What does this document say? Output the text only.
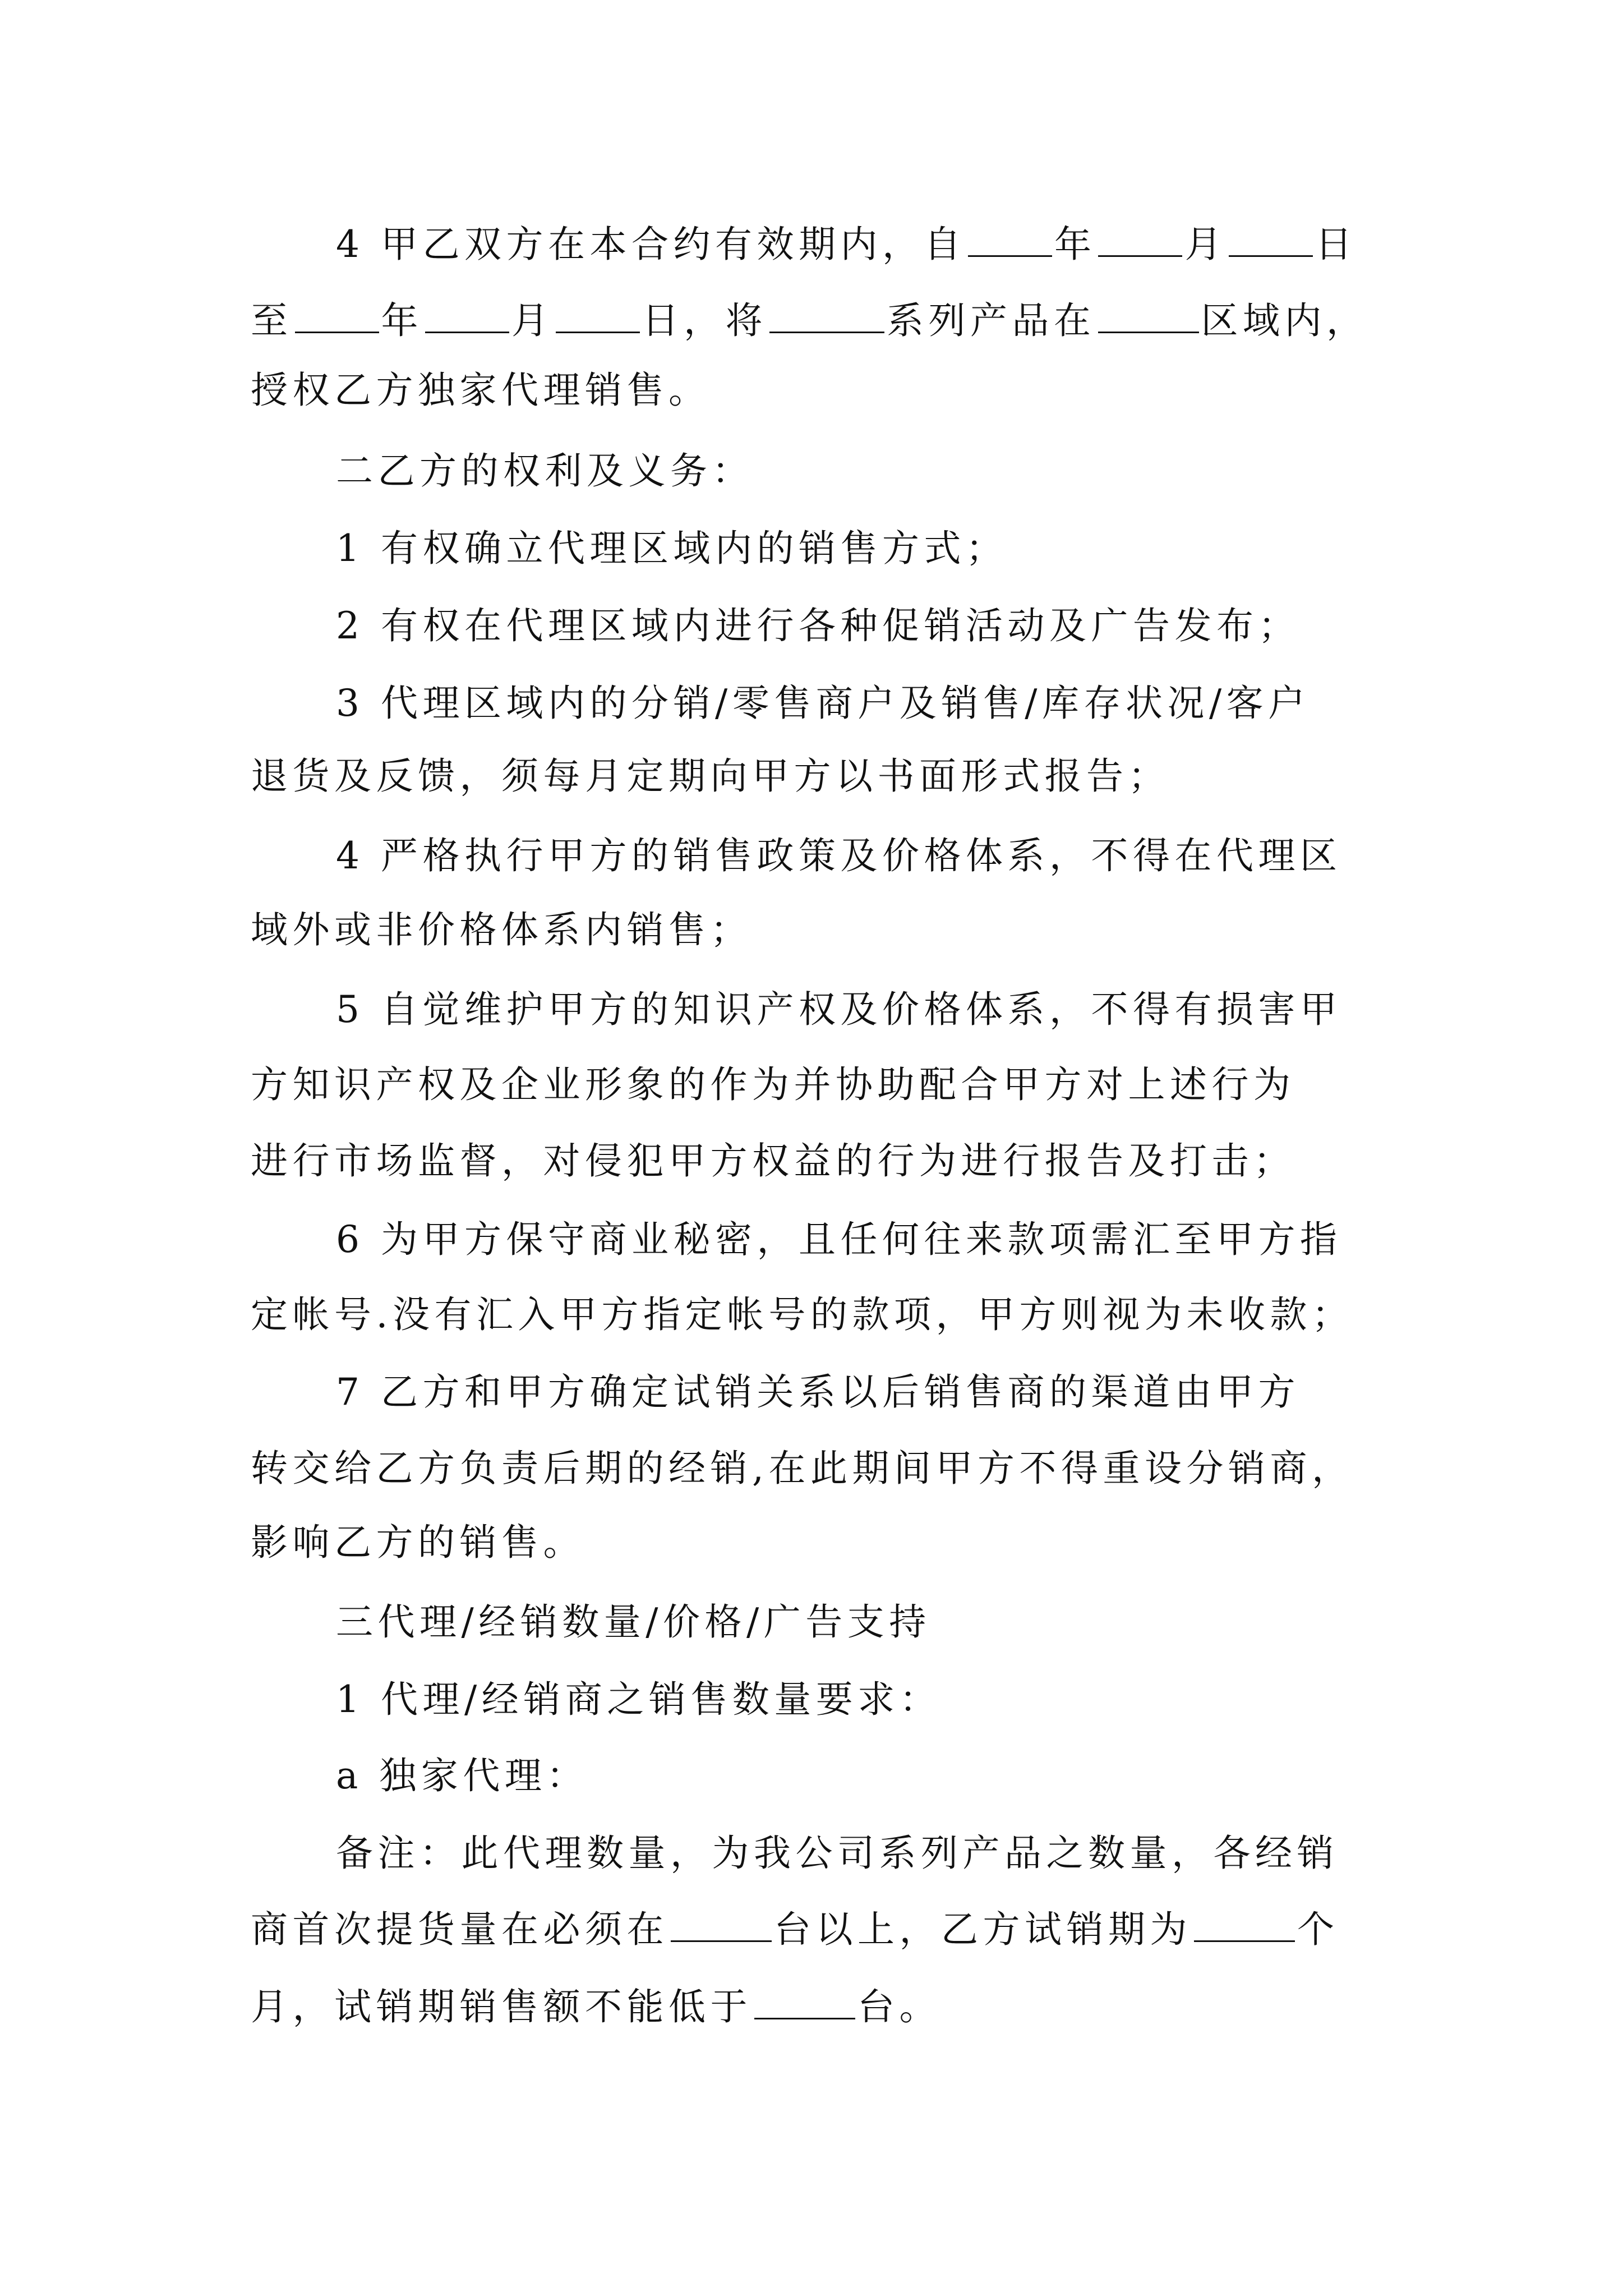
4 甲乙双方在本合约有效期内，自 年 月 日
至 年 月 日，将	系列产品在	区域内，
授权乙方独家代理销售。
二乙方的权利及义务：
1 有权确立代理区域内的销售方式；
2 有权在代理区域内进行各种促销活动及广告发布；
3 代理区域内的分销/零售商户及销售/库存状况/客户
退货及反馈，须每月定期向甲方以书面形式报告；
4 严格执行甲方的销售政策及价格体系，不得在代理区
域外或非价格体系内销售；
5 自觉维护甲方的知识产权及价格体系，不得有损害甲
方知识产权及企业形象的作为并协助配合甲方对上述行为
进行市场监督，对侵犯甲方权益的行为进行报告及打击；
6 为甲方保守商业秘密，且任何往来款项需汇至甲方指
定帐号.没有汇入甲方指定帐号的款项，甲方则视为未收款；
7 乙方和甲方确定试销关系以后销售商的渠道由甲方
转交给乙方负责后期的经销,在此期间甲方不得重设分销商，
影响乙方的销售。
三代理/经销数量/价格/广告支持
1 代理/经销商之销售数量要求：
a 独家代理：
备注：此代理数量，为我公司系列产品之数量，各经销
商首次提货量在必须在	台以上，乙方试销期为	个
月，试销期销售额不能低于	台。
